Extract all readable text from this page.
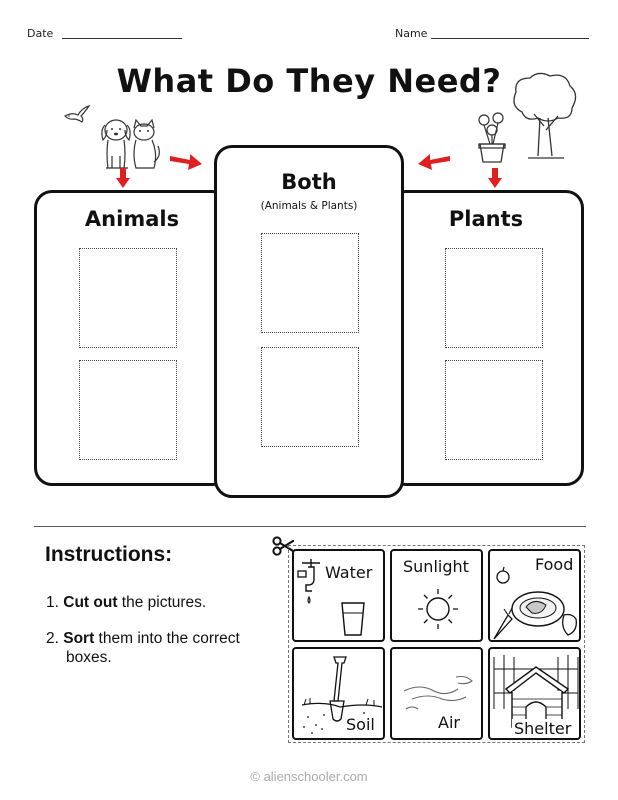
Date	Name
What Do They Need?
Animals	Plants
Both
(Animals & Plants)
Instructions:
1. Cut out the pictures.
2. Sort them into the correct
boxes.
Water Sunlight	Food
Soil	Air	Shelter
© alienschooler.com
